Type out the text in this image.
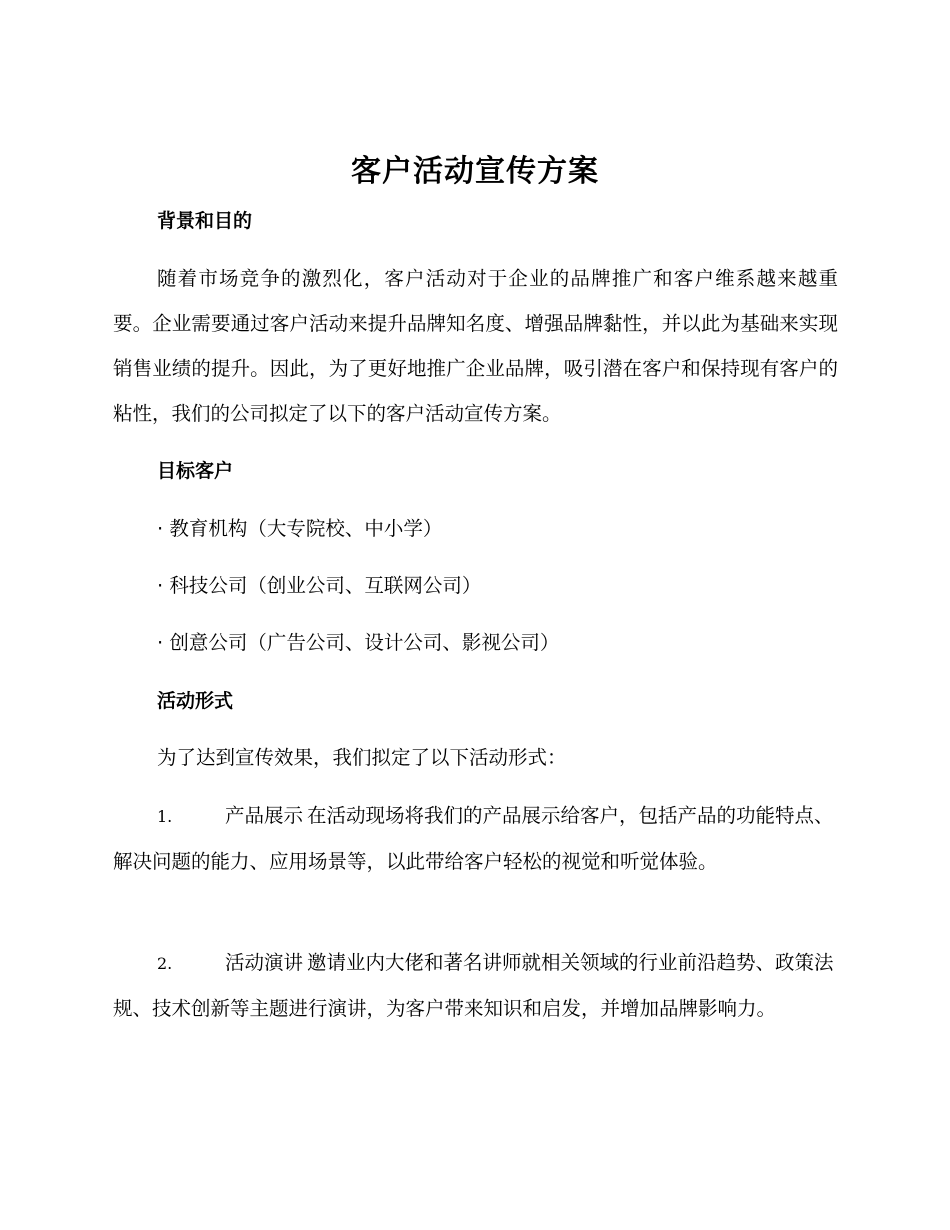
客户活动宣传方案
背景和目的

随着市场竞争的激烈化，客户活动对于企业的品牌推广和客户维系越来越重要。企业需要通过客户活动来提升品牌知名度、增强品牌黏性，并以此为基础来实现销售业绩的提升。因此，为了更好地推广企业品牌，吸引潜在客户和保持现有客户的粘性，我们的公司拟定了以下的客户活动宣传方案。

目标客户
· 教育机构（大专院校、中小学）
· 科技公司（创业公司、互联网公司）
· 创意公司（广告公司、设计公司、影视公司）
活动形式
为了达到宣传效果，我们拟定了以下活动形式：

1.	产品展示 在活动现场将我们的产品展示给客户，包括产品的功能特点、解决问题的能力、应用场景等，以此带给客户轻松的视觉和听觉体验。

2.	活动演讲 邀请业内大佬和著名讲师就相关领域的行业前沿趋势、政策法规、技术创新等主题进行演讲，为客户带来知识和启发，并增加品牌影响力。
